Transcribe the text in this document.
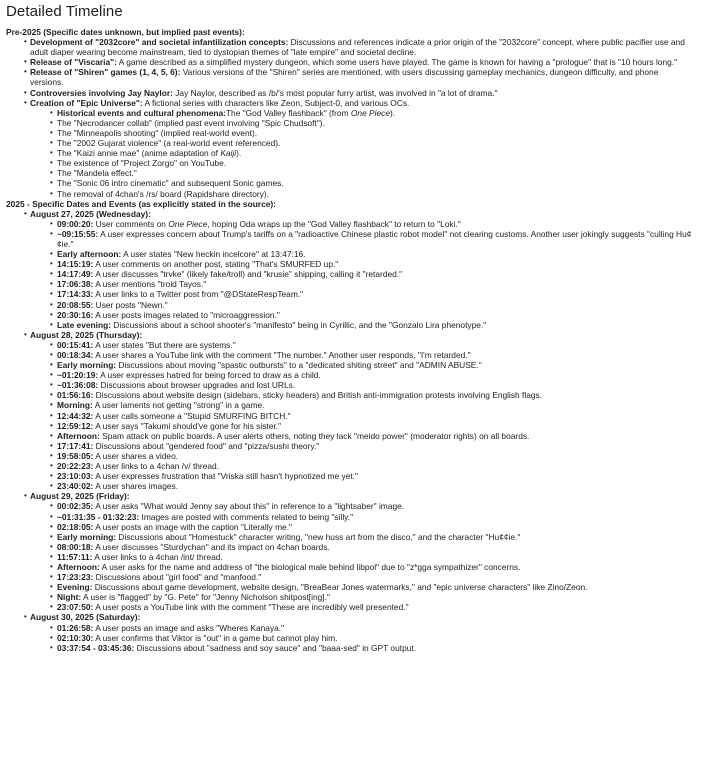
Detailed Timeline
Pre-2025 (Specific dates unknown, but implied past events):
• Development of "2032core" and societal infantilization concepts: Discussions and references indicate a prior origin of the "2032core" concept, where public pacifier use and adult diaper wearing become mainstream, tied to dystopian themes of "late empire" and societal decline.
• Release of "Viscaria": A game described as a simplified mystery dungeon, which some users have played. The game is known for having a "prologue" that is "10 hours long."
• Release of "Shiren" games (1, 4, 5, 6): Various versions of the "Shiren" series are mentioned, with users discussing gameplay mechanics, dungeon difficulty, and phone versions.
• Controversies involving Jay Naylor: Jay Naylor, described as /b/'s most popular furry artist, was involved in "a lot of drama."
• Creation of "Epic Universe": A fictional series with characters like Zeon, Subject-0, and various OCs.
• Historical events and cultural phenomena:The "God Valley flashback" (from One Piece).
• The "Necrodancer collab" (implied past event involving "Spic Chudsoft").
• The "Minneapolis shooting" (implied real-world event).
• The "2002 Gujarat violence" (a real-world event referenced).
• The "Kaizi annie mae" (anime adaptation of Kaiji).
• The existence of "Project Zorgo" on YouTube.
• The "Mandela effect."
• The "Sonic 06 intro cinematic" and subsequent Sonic games.
• The removal of 4chan's /rs/ board (Rapidshare directory).
2025 - Specific Dates and Events (as explicitly stated in the source):
• August 27, 2025 (Wednesday):
• 09:00:20: User comments on One Piece, hoping Oda wraps up the "God Valley flashback" to return to "Loki."
• ~09:15:55: A user expresses concern about Trump's tariffs on a "radioactive Chinese plastic robot model" not clearing customs. Another user jokingly suggests "culling Hu¢¢ie."
• Early afternoon: A user states "New heckin incelcore" at 13:47:16.
• 14:15:19: A user comments on another post, stating "That's SMURFED up."
• 14:17:49: A user discusses "trvke" (likely fake/troll) and "krusie" shipping, calling it "retarded."
• 17:06:38: A user mentions "troid Tayos."
• 17:14:33: A user links to a Twitter post from "@DStateRespTeam."
• 20:08:55: User posts "Newn."
• 20:30:16: A user posts images related to "microaggression."
• Late evening: Discussions about a school shooter's "manifesto" being in Cyrillic, and the "Gonzalo Lira phenotype."
• August 28, 2025 (Thursday):
• 00:15:41: A user states "But there are systems."
• 00:18:34: A user shares a YouTube link with the comment "The number." Another user responds, "I'm retarded."
• Early morning: Discussions about moving "spastic outbursts" to a "dedicated shiting street" and "ADMIN ABUSE."
• ~01:20:19: A user expresses hatred for being forced to draw as a child.
• ~01:36:08: Discussions about browser upgrades and lost URLs.
• 01:56:16: Discussions about website design (sidebars, sticky headers) and British anti-immigration protests involving English flags.
• Morning: A user laments not getting "strong" in a game.
• 12:44:32: A user calls someone a "Stupid SMURFING BITCH."
• 12:59:12: A user says "Takumi should've gone for his sister."
• Afternoon: Spam attack on public boards. A user alerts others, noting they lack "meido power" (moderator rights) on all boards.
• 17:17:41: Discussions about "gendered food" and "pizza/sushi theory."
• 19:58:05: A user shares a video.
• 20:22:23: A user links to a 4chan /v/ thread.
• 23:10:03: A user expresses frustration that "Vriska still hasn't hypnotized me yet."
• 23:40:02: A user shares images.
• August 29, 2025 (Friday):
• 00:02:35: A user asks "What would Jenny say about this" in reference to a "lightsaber" image.
• ~01:31:35 - 01:32:23: Images are posted with comments related to being "silly."
• 02:18:05: A user posts an image with the caption "Literally me."
• Early morning: Discussions about "Homestuck" character writing, "new huss art from the disco," and the character "Hu¢¢ie."
• 08:00:18: A user discusses "Sturdychan" and its impact on 4chan boards.
• 11:57:11: A user links to a 4chan /int/ thread.
• Afternoon: A user asks for the name and address of "the biological male behind libpol" due to "z*gga sympathizer" concerns.
• 17:23:23: Discussions about "girl food" and "manfood."
• Evening: Discussions about game development, website design, "BreaBear Jones watermarks," and "epic universe characters" like Zino/Zeon.
• Night: A user is "flagged" by "G. Pete" for "Jenny Nicholson shitpost[ing]."
• 23:07:50: A user posts a YouTube link with the comment "These are incredibly well presented."
• August 30, 2025 (Saturday):
• 01:26:58: A user posts an image and asks "Wheres Kanaya."
• 02:10:30: A user confirms that Viktor is "out" in a game but cannot play him.
• 03:37:54 - 03:45:36: Discussions about "sadness and soy sauce" and "baaa-sed" in GPT output.
